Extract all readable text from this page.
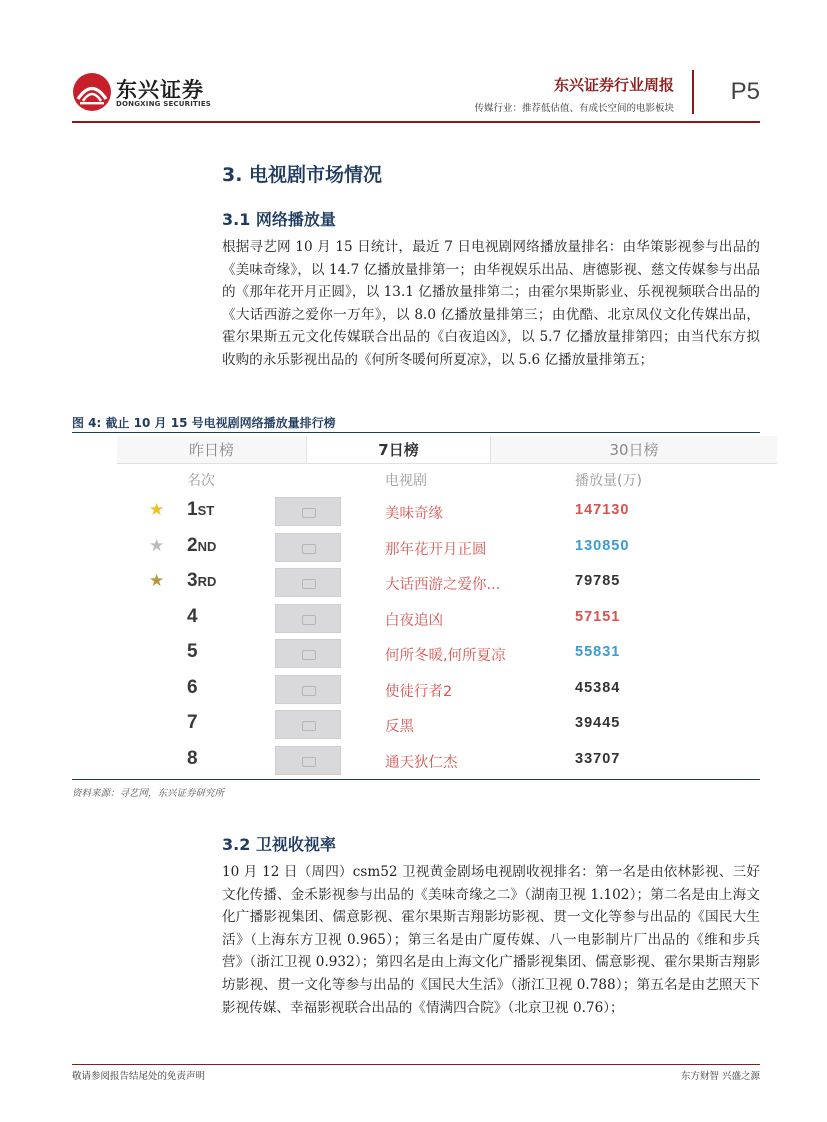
东兴证券
DONGXING SECURITIES
东兴证券行业周报
传媒行业：推荐低估值、有成长空间的电影板块
P5
3. 电视剧市场情况
3.1 网络播放量
根据寻艺网 10 月 15 日统计，最近 7 日电视剧网络播放量排名：由华策影视参与出品的《美味奇缘》，以 14.7 亿播放量排第一；由华视娱乐出品、唐德影视、慈文传媒参与出品的《那年花开月正圆》，以 13.1 亿播放量排第二；由霍尔果斯影业、乐视视频联合出品的《大话西游之爱你一万年》，以 8.0 亿播放量排第三；由优酷、北京凤仪文化传媒出品，霍尔果斯五元文化传媒联合出品的《白夜追凶》，以 5.7 亿播放量排第四；由当代东方拟收购的永乐影视出品的《何所冬暖何所夏凉》，以 5.6 亿播放量排第五；
图 4: 截止 10 月 15 号电视剧网络播放量排行榜
昨日榜	7日榜	30日榜
名次	电视剧	播放量(万)
★ 1ST	美味奇缘	147130
★ 2ND	那年花开月正圆	130850
★ 3RD	大话西游之爱你...	79785
4	白夜追凶	57151
5	何所冬暖,何所夏凉	55831
6	使徒行者2	45384
7	反黑	39445
8	通天狄仁杰	33707
资料来源：寻艺网，东兴证券研究所
3.2 卫视收视率
10 月 12 日（周四）csm52 卫视黄金剧场电视剧收视排名：第一名是由依林影视、三好文化传播、金禾影视参与出品的《美味奇缘之二》（湖南卫视 1.102）；第二名是由上海文化广播影视集团、儒意影视、霍尔果斯吉翔影坊影视、贯一文化等参与出品的《国民大生活》（上海东方卫视 0.965）；第三名是由广厦传媒、八一电影制片厂出品的《维和步兵营》（浙江卫视 0.932）；第四名是由上海文化广播影视集团、儒意影视、霍尔果斯吉翔影坊影视、贯一文化等参与出品的《国民大生活》（浙江卫视 0.788）；第五名是由艺照天下影视传媒、幸福影视联合出品的《情满四合院》（北京卫视 0.76）；
敬请参阅报告结尾处的免责声明	东方财智 兴盛之源
